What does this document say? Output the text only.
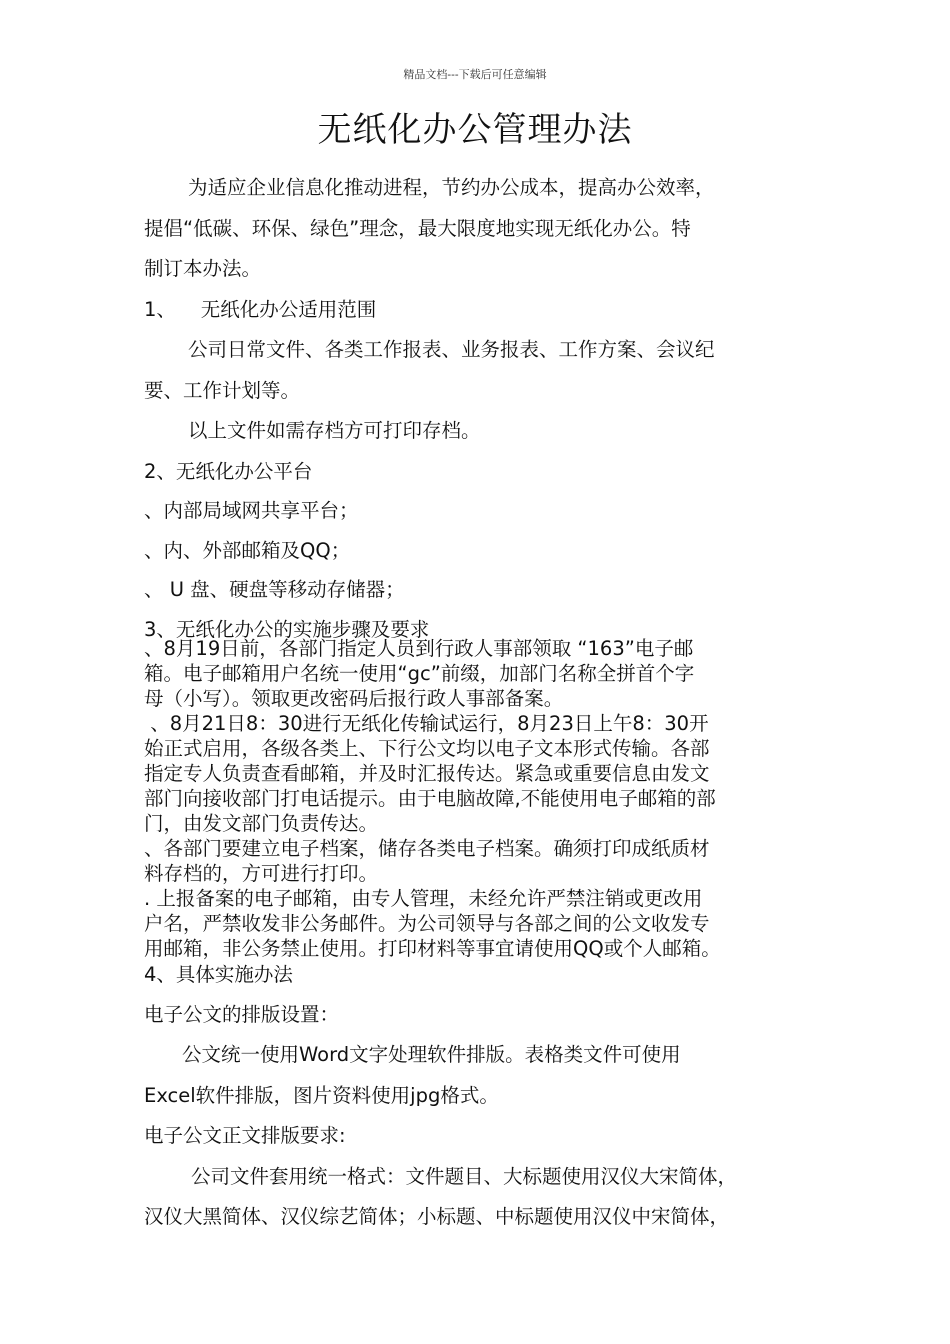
精品文档---下载后可任意编辑
无纸化办公管理办法

为适应企业信息化推动进程，节约办公成本，提高办公效率，

提倡“低碳、环保、绿色”理念，最大限度地实现无纸化办公。特

制订本办法。

1、    无纸化办公适用范围

公司日常文件、各类工作报表、业务报表、工作方案、会议纪

要、工作计划等。

以上文件如需存档方可打印存档。

2、无纸化办公平台

、内部局域网共享平台；

、内、外部邮箱及QQ；

、 U 盘、硬盘等移动存储器；

3、无纸化办公的实施步骤及要求

、8月19日前，各部门指定人员到行政人事部领取 “163”电子邮

箱。电子邮箱用户名统一使用“gc”前缀，加部门名称全拼首个字

母（小写）。领取更改密码后报行政人事部备案。

、8月21日8：30进行无纸化传输试运行，8月23日上午8：30开

始正式启用，各级各类上、下行公文均以电子文本形式传输。各部

指定专人负责查看邮箱，并及时汇报传达。紧急或重要信息由发文

部门向接收部门打电话提示。由于电脑故障,不能使用电子邮箱的部

门，由发文部门负责传达。

、各部门要建立电子档案，储存各类电子档案。确须打印成纸质材

料存档的，方可进行打印。

. 上报备案的电子邮箱，由专人管理，未经允许严禁注销或更改用

户名，严禁收发非公务邮件。为公司领导与各部之间的公文收发专

用邮箱，非公务禁止使用。打印材料等事宜请使用QQ或个人邮箱。

4、具体实施办法

电子公文的排版设置：

公文统一使用Word文字处理软件排版。表格类文件可使用

Excel软件排版，图片资料使用jpg格式。

电子公文正文排版要求:

公司文件套用统一格式：文件题目、大标题使用汉仪大宋简体，

汉仪大黑简体、汉仪综艺简体；小标题、中标题使用汉仪中宋简体，
